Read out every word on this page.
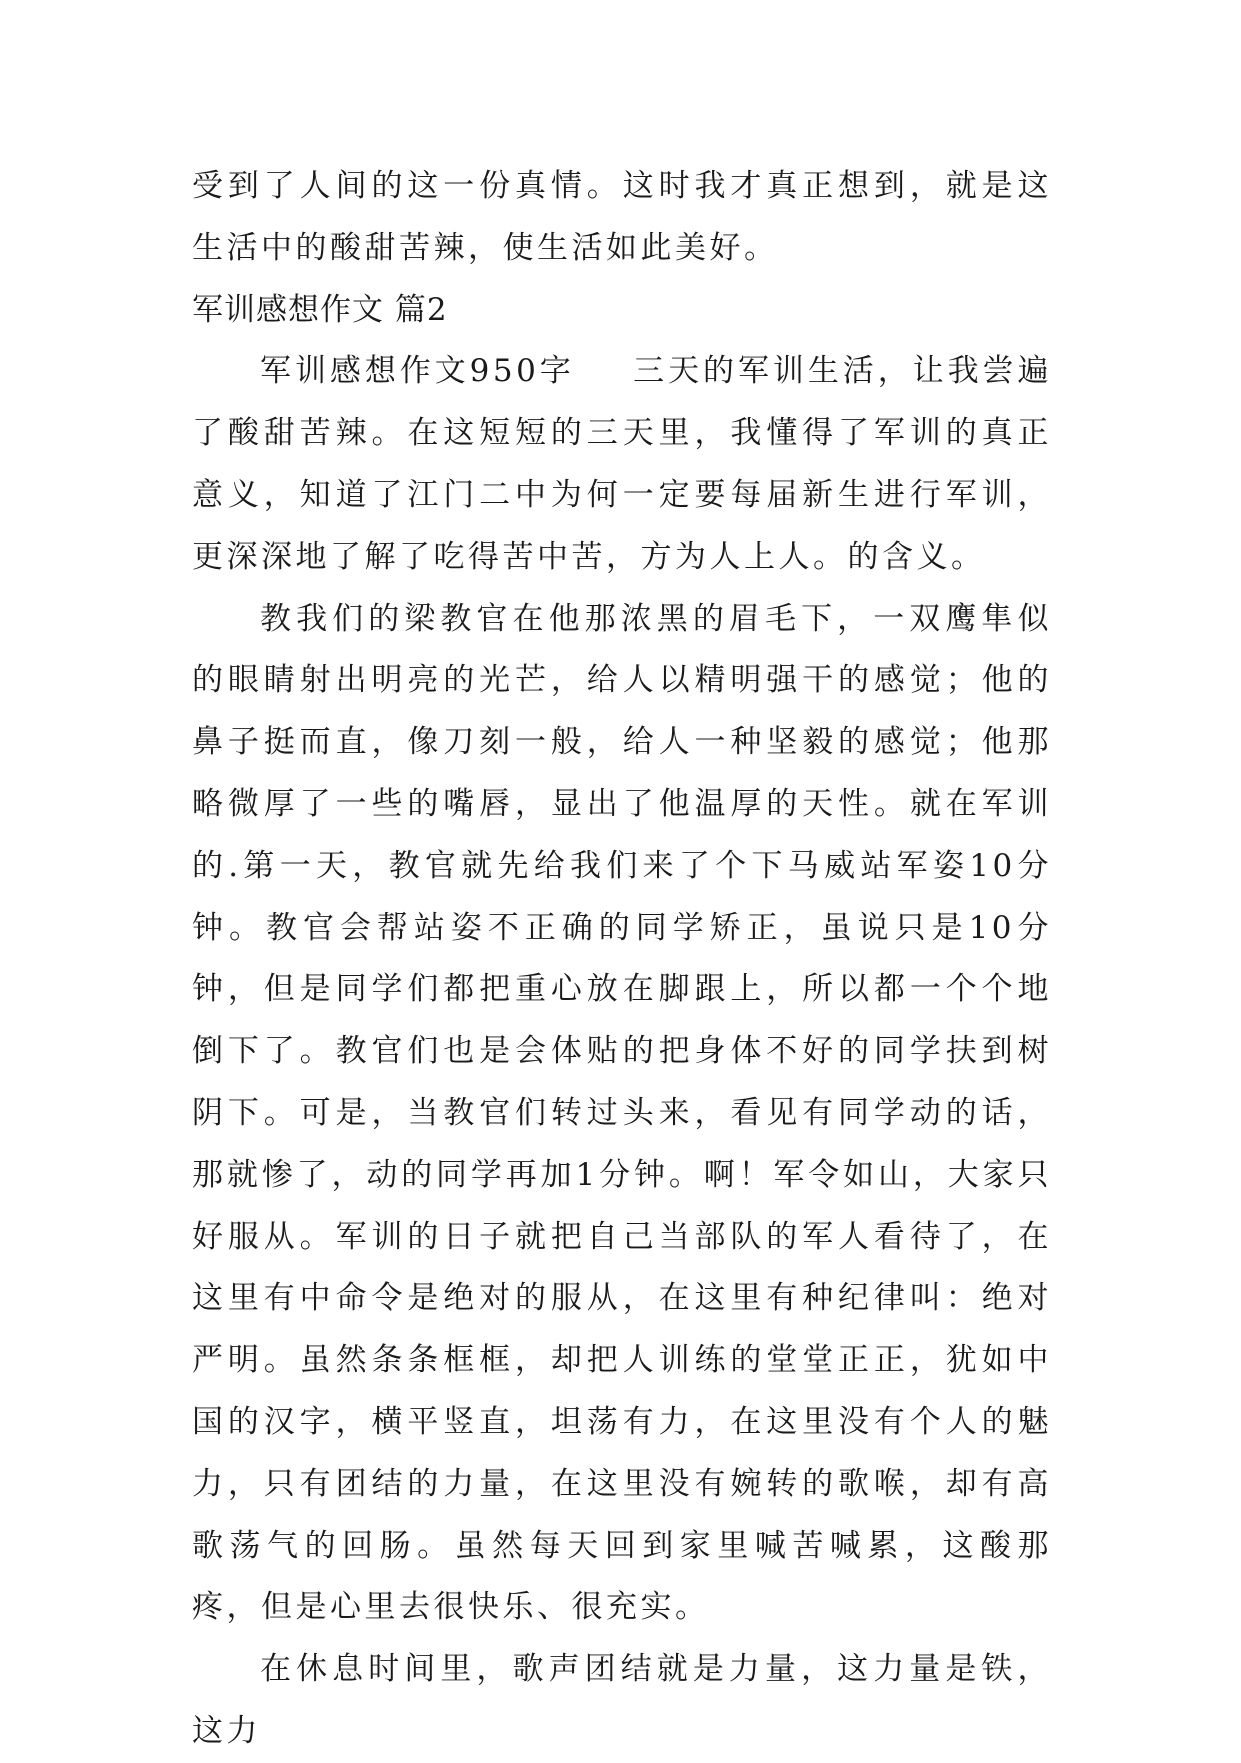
受到了人间的这一份真情。这时我才真正想到，就是这生活中的酸甜苦辣，使生活如此美好。

军训感想作文 篇2

军训感想作文950字 三天的军训生活，让我尝遍了酸甜苦辣。在这短短的三天里，我懂得了军训的真正意义，知道了江门二中为何一定要每届新生进行军训，更深深地了解了吃得苦中苦，方为人上人。的含义。

教我们的梁教官在他那浓黑的眉毛下，一双鹰隼似的眼睛射出明亮的光芒，给人以精明强干的感觉；他的鼻子挺而直，像刀刻一般，给人一种坚毅的感觉；他那略微厚了一些的嘴唇，显出了他温厚的天性。就在军训的.第一天，教官就先给我们来了个下马威站军姿10分钟。教官会帮站姿不正确的同学矫正，虽说只是10分钟，但是同学们都把重心放在脚跟上，所以都一个个地倒下了。教官们也是会体贴的把身体不好的同学扶到树阴下。可是，当教官们转过头来，看见有同学动的话，那就惨了，动的同学再加1分钟。啊！军令如山，大家只好服从。军训的日子就把自己当部队的军人看待了，在这里有中命令是绝对的服从，在这里有种纪律叫：绝对严明。虽然条条框框，却把人训练的堂堂正正，犹如中国的汉字，横平竖直，坦荡有力，在这里没有个人的魅力，只有团结的力量，在这里没有婉转的歌喉，却有高歌荡气的回肠。虽然每天回到家里喊苦喊累，这酸那疼，但是心里去很快乐、很充实。

在休息时间里，歌声团结就是力量，这力量是铁，这力
